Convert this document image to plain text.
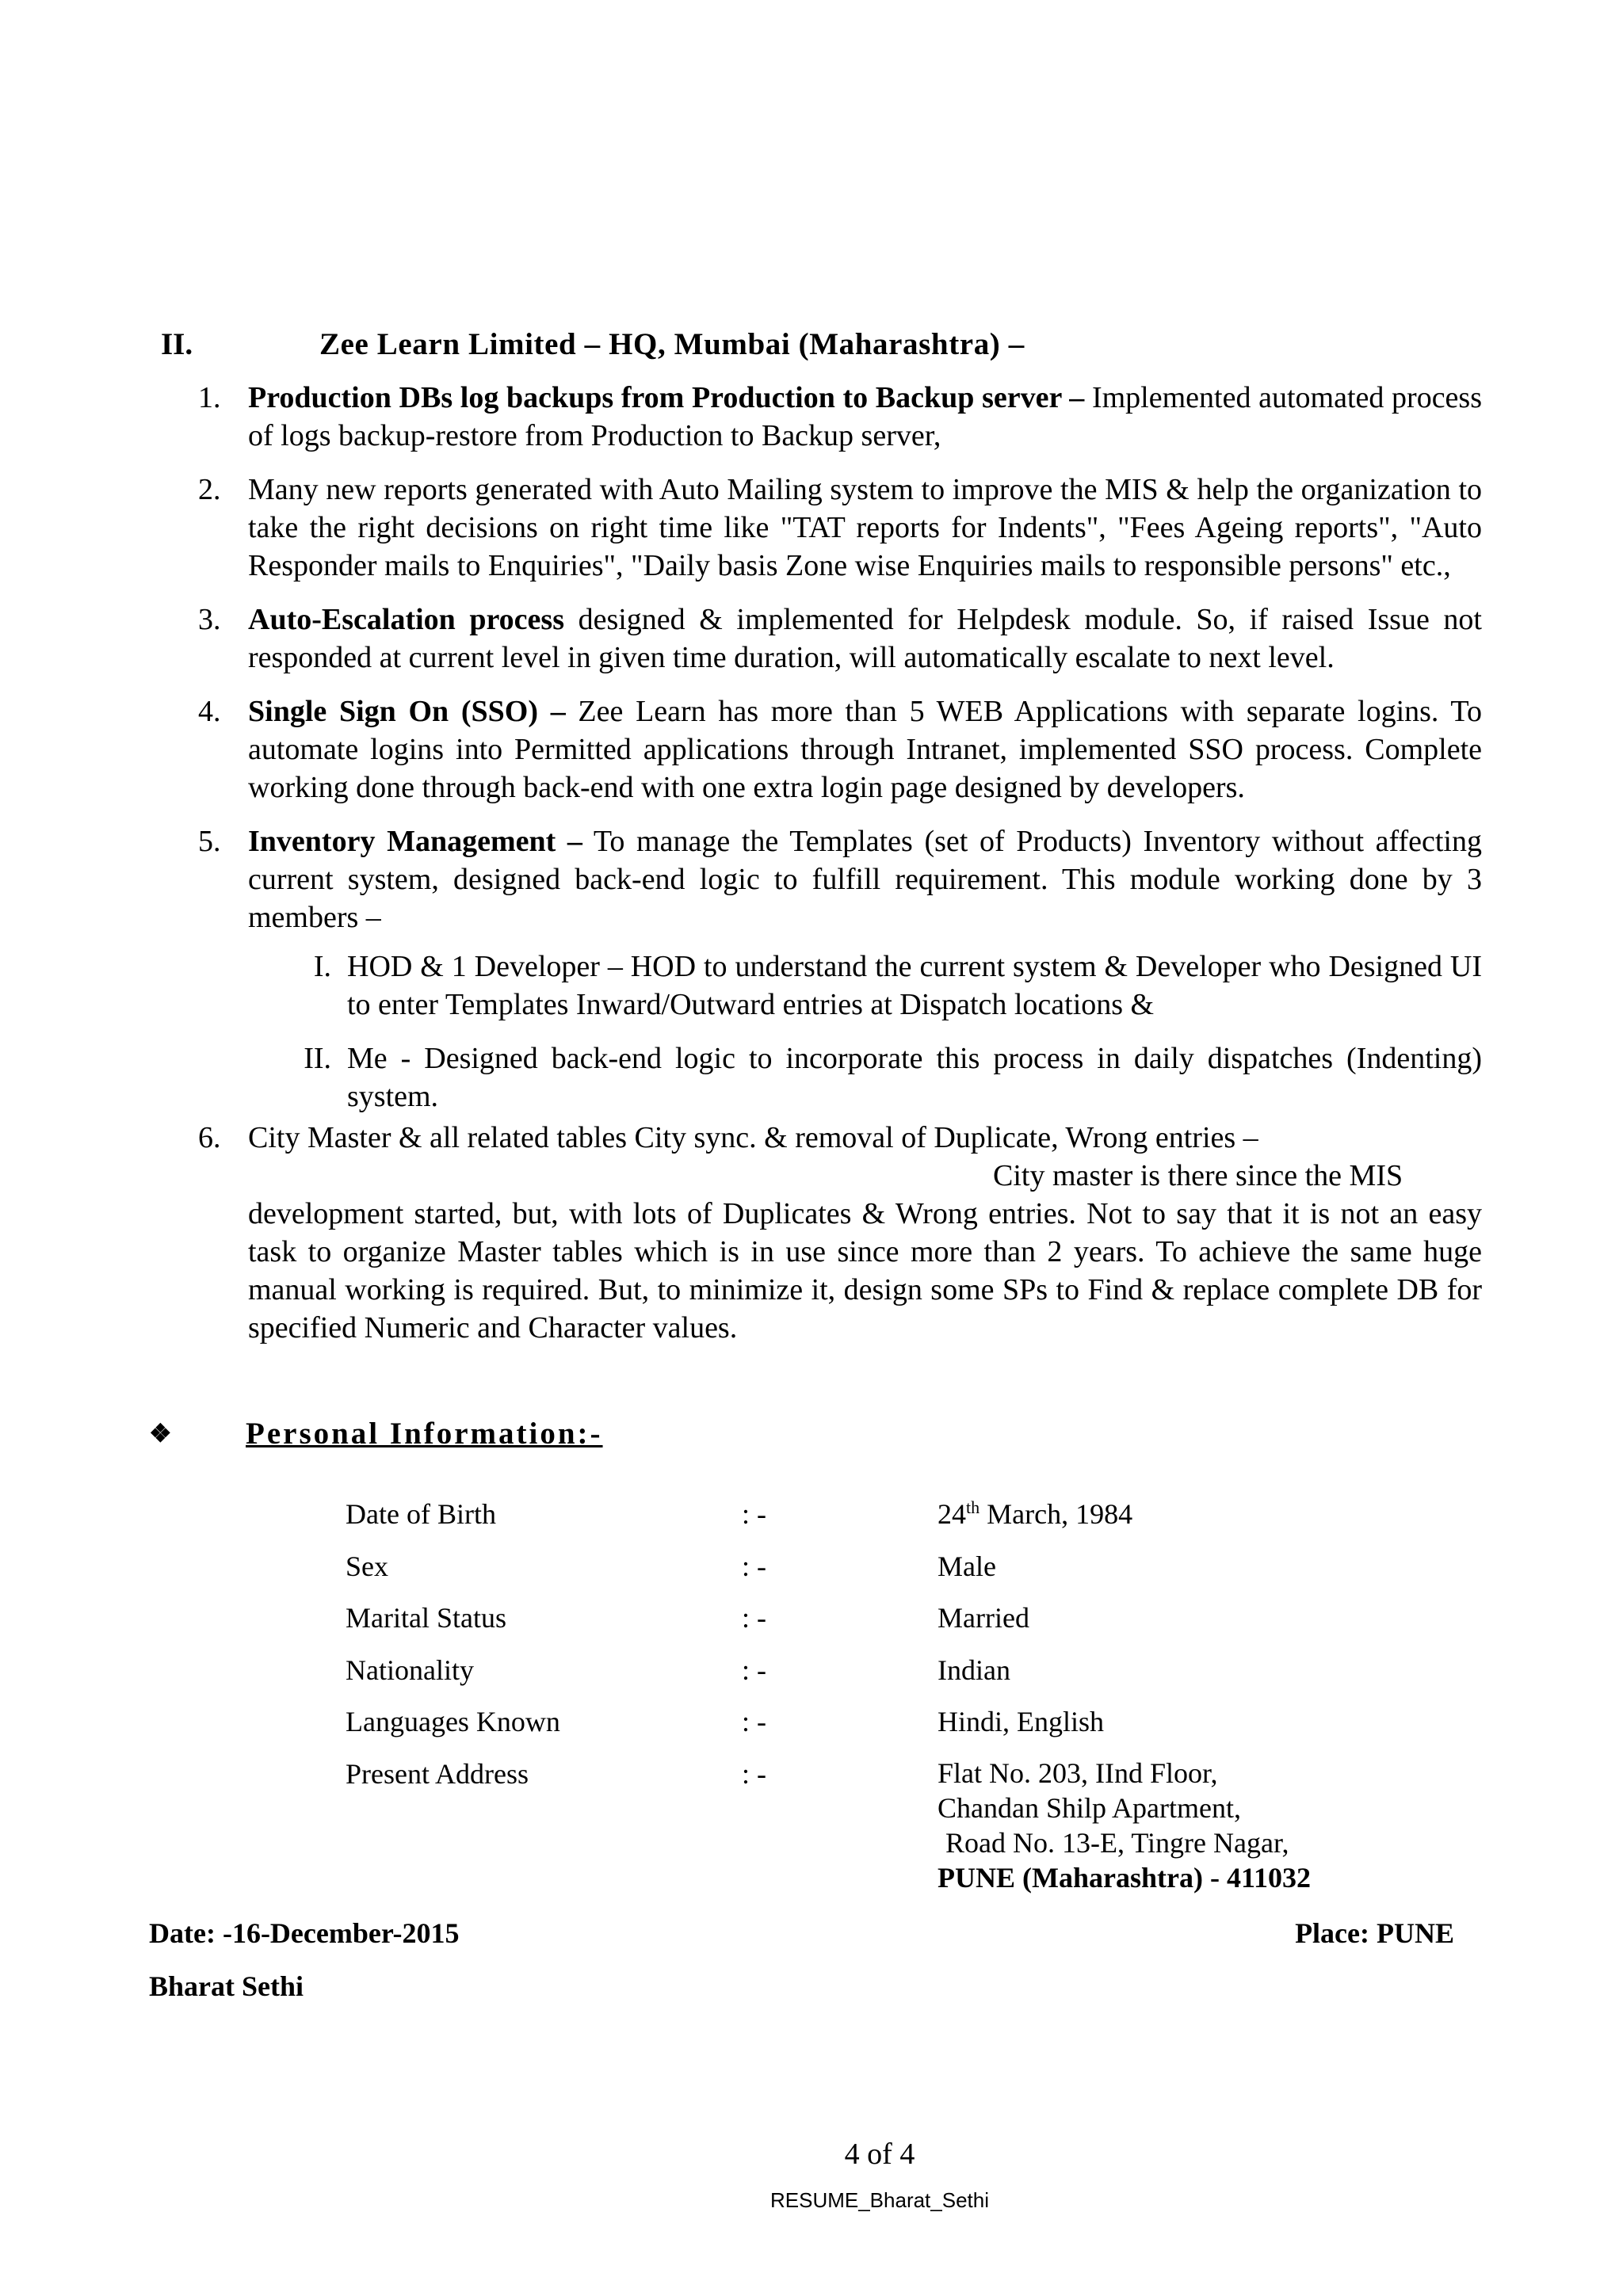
II.	Zee Learn Limited – HQ, Mumbai (Maharashtra) –
1. Production DBs log backups from Production to Backup server – Implemented automated process of logs backup-restore from Production to Backup server,
2. Many new reports generated with Auto Mailing system to improve the MIS & help the organization to take the right decisions on right time like "TAT reports for Indents", "Fees Ageing reports", "Auto Responder mails to Enquiries", "Daily basis Zone wise Enquiries mails to responsible persons" etc.,
3. Auto-Escalation process designed & implemented for Helpdesk module. So, if raised Issue not responded at current level in given time duration, will automatically escalate to next level.
4. Single Sign On (SSO) – Zee Learn has more than 5 WEB Applications with separate logins. To automate logins into Permitted applications through Intranet, implemented SSO process. Complete working done through back-end with one extra login page designed by developers.
5. Inventory Management – To manage the Templates (set of Products) Inventory without affecting current system, designed back-end logic to fulfill requirement. This module working done by 3 members –
I. HOD & 1 Developer – HOD to understand the current system & Developer who Designed UI to enter Templates Inward/Outward entries at Dispatch locations &
II. Me - Designed back-end logic to incorporate this process in daily dispatches (Indenting) system.
6. City Master & all related tables City sync. & removal of Duplicate, Wrong entries –
City master is there since the MIS
development started, but, with lots of Duplicates & Wrong entries. Not to say that it is not an easy task to organize Master tables which is in use since more than 2 years. To achieve the same huge manual working is required. But, to minimize it, design some SPs to Find & replace complete DB for specified Numeric and Character values.
❖ Personal Information:-
Date of Birth	: -	24th March, 1984
Sex	: -	Male
Marital Status	: -	Married
Nationality	: -	Indian
Languages Known	: -	Hindi, English
Present Address	: -	Flat No. 203, IInd Floor,
Chandan Shilp Apartment,
Road No. 13-E, Tingre Nagar,
PUNE (Maharashtra) - 411032
Date: -16-December-2015	Place: PUNE
Bharat Sethi
4 of 4
RESUME_Bharat_Sethi
